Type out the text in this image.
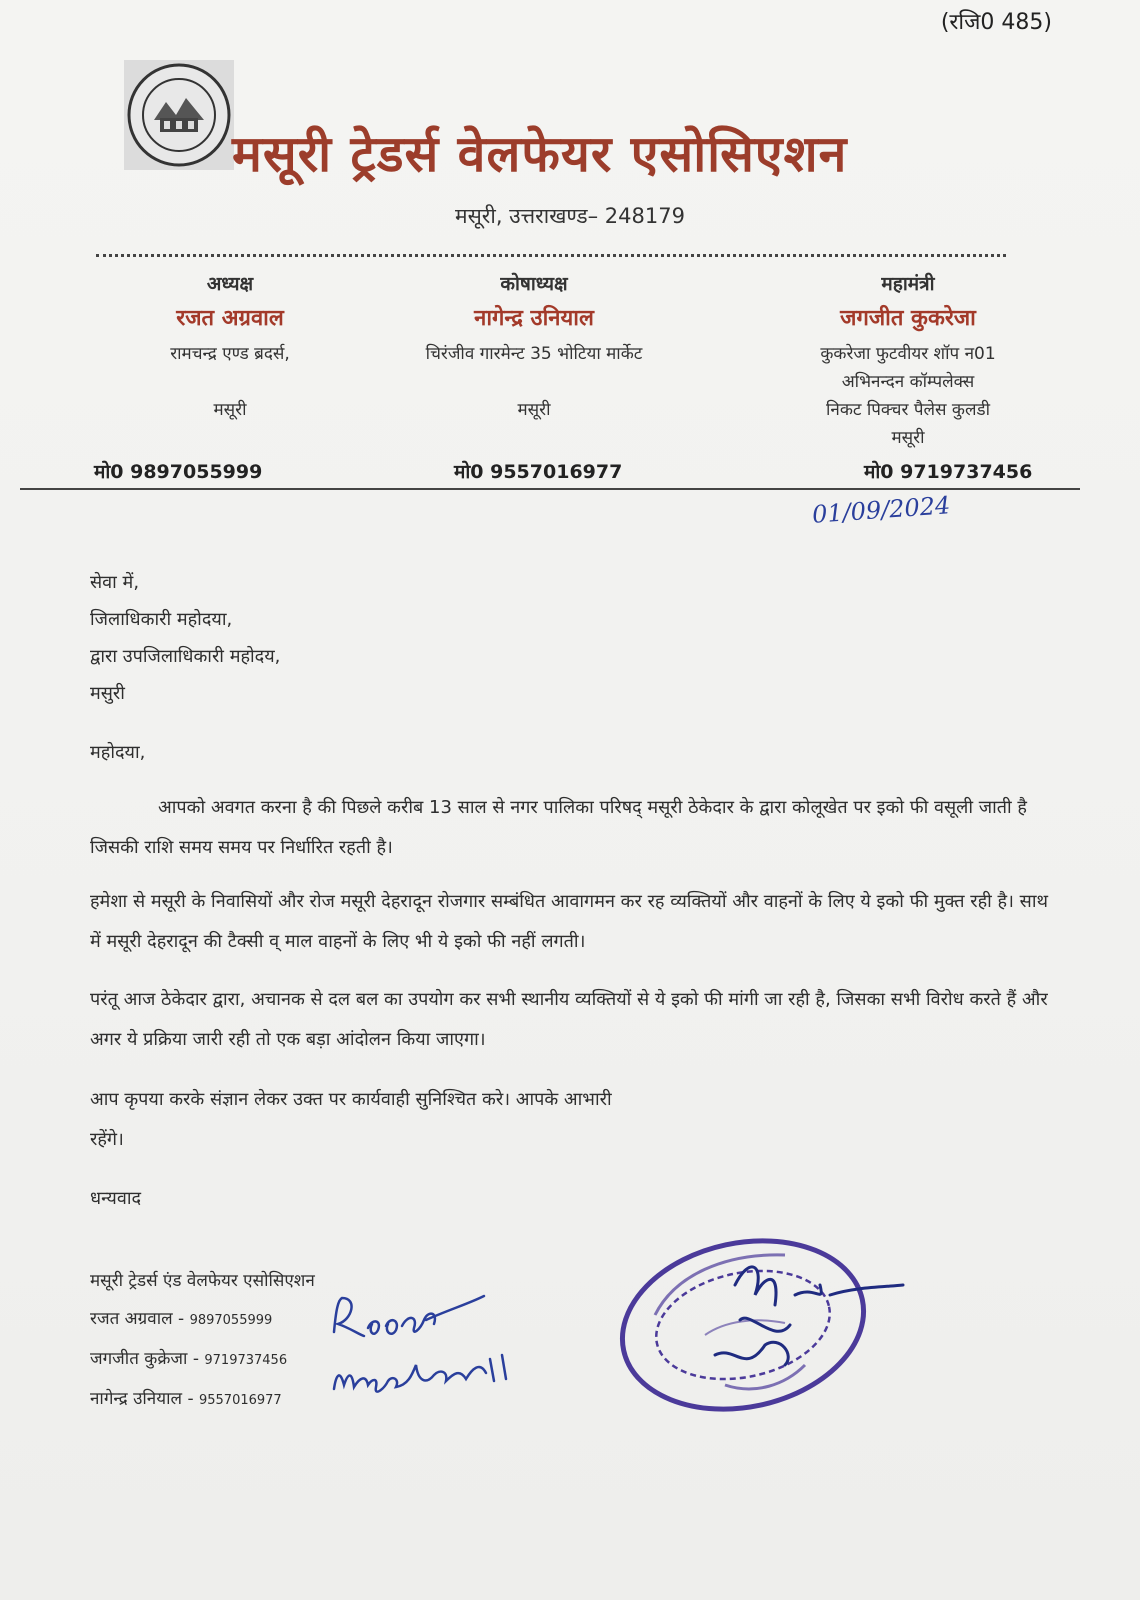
(रजि0 485)
मसूरी ट्रेडर्स वेलफेयर एसोसिएशन
मसूरी, उत्तराखण्ड– 248179
अध्यक्ष
रजत अग्रवाल
रामचन्द्र एण्ड ब्रदर्स,
मसूरी
कोषाध्यक्ष
नागेन्द्र उनियाल
चिरंजीव गारमेन्ट 35 भोटिया मार्केट
मसूरी
महामंत्री
जगजीत कुकरेजा
कुकरेजा फुटवीयर शॉप न01
अभिनन्दन कॉम्पलेक्स
निकट पिक्चर पैलेस कुलडी
मसूरी
मो0 9897055999	मो0 9557016977	मो0 9719737456
01/09/2024

सेवा में,

जिलाधिकारी महोदया,

द्वारा उपजिलाधिकारी महोदय,

मसुरी

महोदया,
आपको अवगत करना है की पिछले करीब 13 साल से नगर पालिका परिषद् मसूरी ठेकेदार के द्वारा कोलूखेत पर इको फी वसूली जाती है जिसकी राशि समय समय पर निर्धारित रहती है।
हमेशा से मसूरी के निवासियों और रोज मसूरी देहरादून रोजगार सम्बंधित आवागमन कर रह व्यक्तियों और वाहनों के लिए ये इको फी मुक्त रही है। साथ में मसूरी देहरादून की टैक्सी व् माल वाहनों के लिए भी ये इको फी नहीं लगती।
परंतू आज ठेकेदार द्वारा, अचानक से दल बल का उपयोग कर सभी स्थानीय व्यक्तियों से ये इको फी मांगी जा रही है, जिसका सभी विरोध करते हैं और अगर ये प्रक्रिया जारी रही तो एक बड़ा आंदोलन किया जाएगा।
आप कृपया करके संज्ञान लेकर उक्त पर कार्यवाही सुनिश्चित करे। आपके आभारी रहेंगे।
धन्यवाद

मसूरी ट्रेडर्स एंड वेलफेयर एसोसिएशन

रजत अग्रवाल - 9897055999

जगजीत कुक्रेजा - 9719737456

नागेन्द्र उनियाल - 9557016977
